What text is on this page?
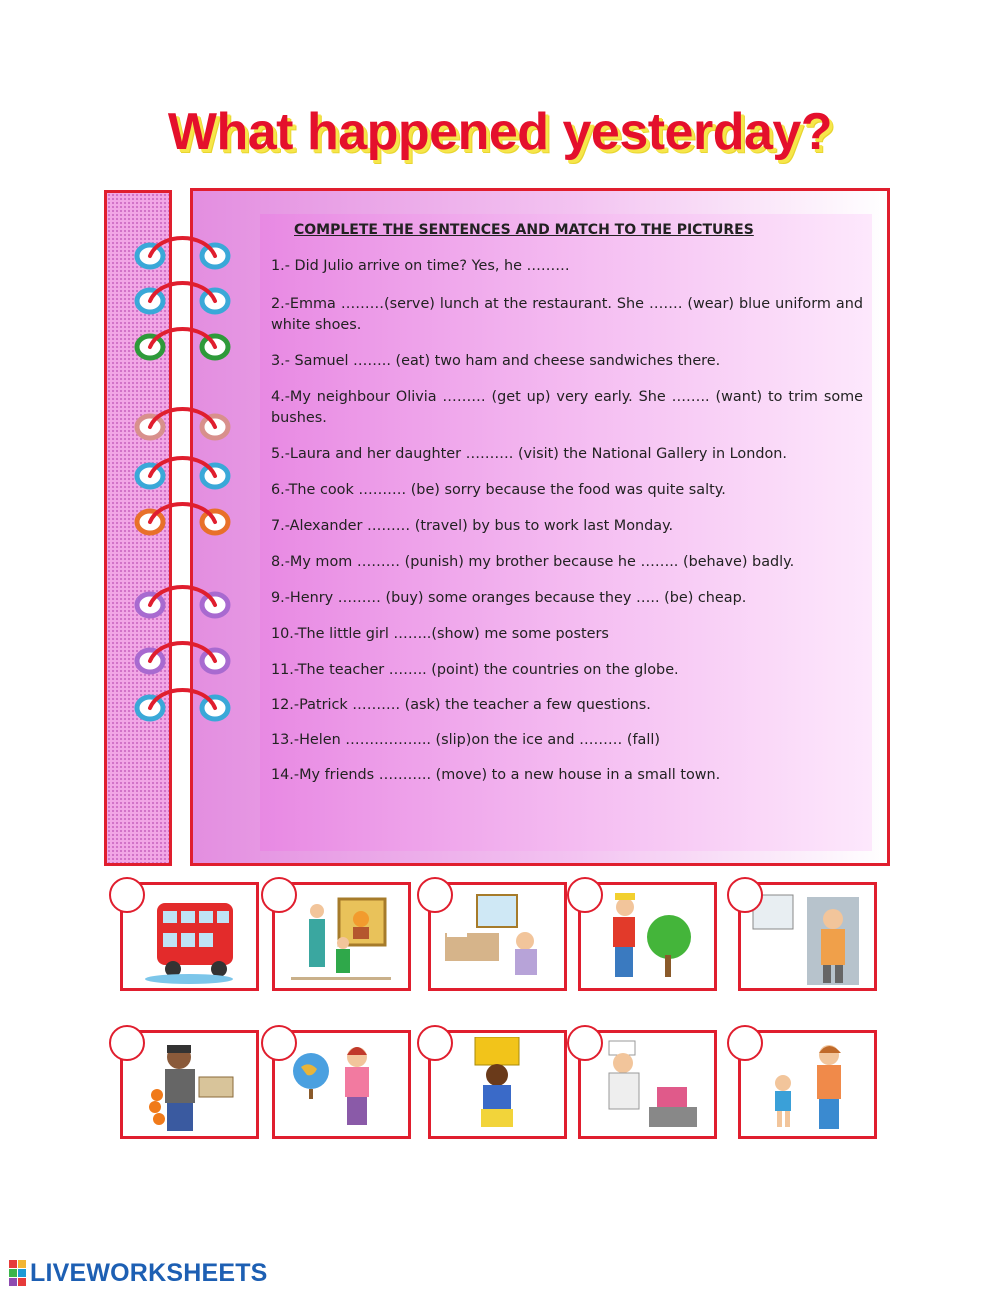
What happened yesterday?
COMPLETE THE SENTENCES AND MATCH TO THE PICTURES
1.- Did Julio arrive on time? Yes, he ………
2.-Emma ………(serve) lunch at the restaurant. She ……. (wear) blue uniform and white shoes.
3.- Samuel …….. (eat) two ham and cheese sandwiches there.
4.-My neighbour Olivia ……… (get up) very early. She …….. (want) to trim some bushes.
5.-Laura and her daughter ………. (visit) the National Gallery in London.
6.-The cook ………. (be) sorry because the food was quite salty.
7.-Alexander ……… (travel) by bus to work last Monday.
8.-My mom ……… (punish) my brother because he …….. (behave) badly.
9.-Henry ……… (buy) some oranges because they ….. (be) cheap.
10.-The little girl ……..(show) me some posters
11.-The teacher …….. (point) the countries on the globe.
12.-Patrick ………. (ask) the teacher a few questions.
13.-Helen ……………... (slip)on the ice and ……… (fall)
14.-My friends ……….. (move) to a new house in a small town.
LIVEWORKSHEETS
